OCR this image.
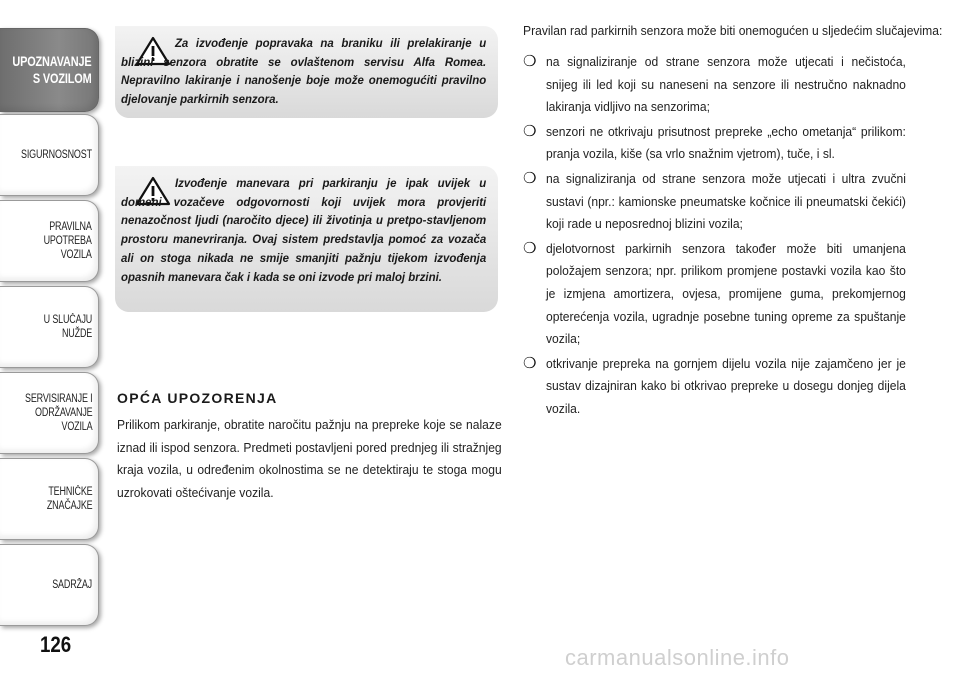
UPOZNAVANJE
S VOZILOM
SIGURNOSNOST
PRAVILNA
UPOTREBA
VOZILA
U SLUČAJU
NUŽDE
SERVISIRANJE I
ODRŽAVANJE
VOZILA
TEHNIČKE
ZNAČAJKE
SADRŽAJ
126

Za izvođenje popravaka na braniku ili prelakiranje u blizini senzora obratite se ovlaštenom servisu Alfa Romea. Nepravilno lakiranje i nanošenje boje može onemogućiti pravilno djelovanje parkirnih senzora.

Izvođenje manevara pri parkiranju je ipak uvijek u domeni vozačeve odgovornosti koji uvijek mora provjeriti nenazočnost ljudi (naročito djece) ili životinja u pretpo-stavljenom prostoru manevriranja. Ovaj sistem predstavlja pomoć za vozača ali on stoga nikada ne smije smanjiti pažnju tijekom izvođenja opasnih manevara čak i kada se oni izvode pri maloj brzini.

OPĆA UPOZORENJA

Prilikom parkiranje, obratite naročitu pažnju na prepreke koje se nalaze iznad ili ispod senzora. Predmeti postavljeni pored prednjeg ili stražnjeg kraja vozila, u određenim okolnostima se ne detektiraju te stoga mogu uzrokovati oštećivanje vozila.

Pravilan rad parkirnih senzora može biti onemogućen u sljedećim slučajevima:
❍ na signaliziranje od strane senzora može utjecati i nečistoća, snijeg ili led koji su naneseni na senzore ili nestručno naknadno lakiranja vidljivo na senzorima;
❍ senzori ne otkrivaju prisutnost prepreke „echo ometanja“ prilikom: pranja vozila, kiše (sa vrlo snažnim vjetrom), tuče, i sl.
❍ na signaliziranja od strane senzora može utjecati i ultra zvučni sustavi (npr.: kamionske pneumatske kočnice ili pneumatski čekići) koji rade u neposrednoj blizini vozila;
❍ djelotvornost parkirnih senzora također može biti umanjena položajem senzora; npr. prilikom promjene postavki vozila kao što je izmjena amortizera, ovjesa, promijene guma, prekomjernog opterećenja vozila, ugradnje posebne tuning opreme za spuštanje vozila;
❍ otkrivanje prepreka na gornjem dijelu vozila nije zajamčeno jer je sustav dizajniran kako bi otkrivao prepreke u dosegu donjeg dijela vozila.
carmanualsonline.info
